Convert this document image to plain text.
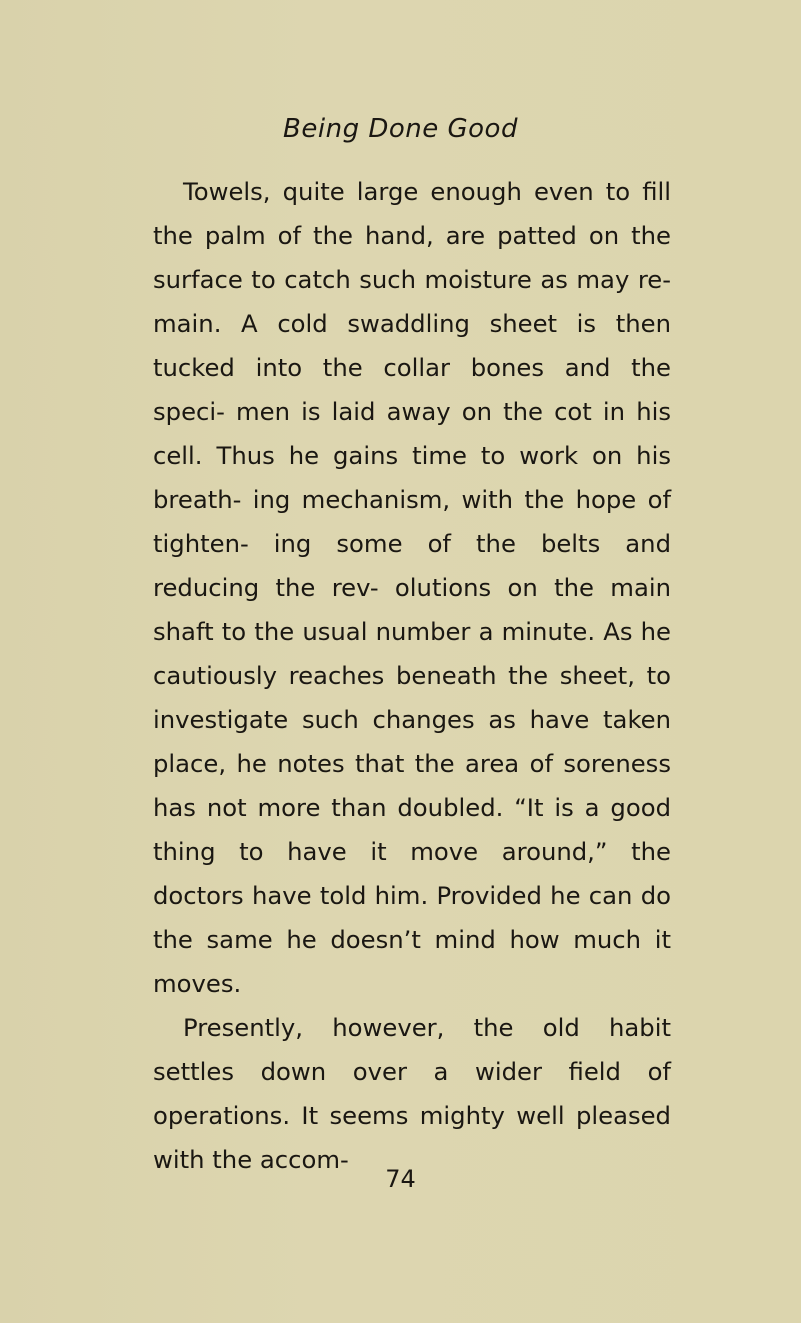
Being Done Good

Towels, quite large enough even to fill the palm of the hand, are patted on the surface to catch such moisture as may re- main. A cold swaddling sheet is then tucked into the collar bones and the speci- men is laid away on the cot in his cell. Thus he gains time to work on his breath- ing mechanism, with the hope of tighten- ing some of the belts and reducing the rev- olutions on the main shaft to the usual number a minute. As he cautiously reaches beneath the sheet, to investigate such changes as have taken place, he notes that the area of soreness has not more than doubled. “It is a good thing to have it move around,” the doctors have told him. Provided he can do the same he doesn’t mind how much it moves.

Presently, however, the old habit settles down over a wider field of operations. It seems mighty well pleased with the accom-

74
